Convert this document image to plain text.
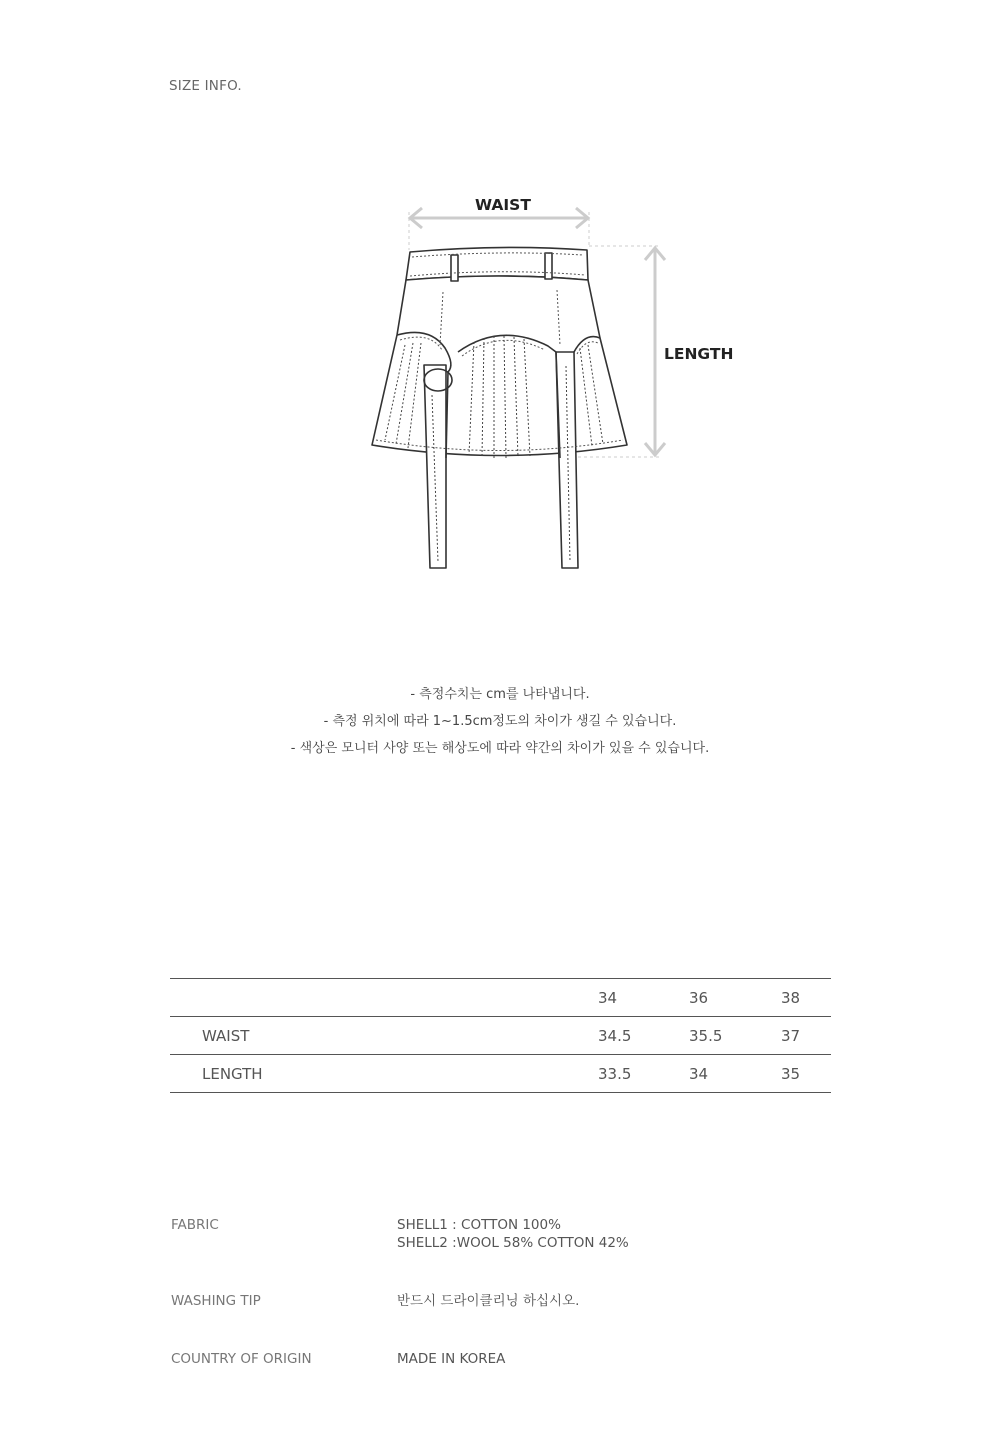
SIZE INFO.
WAIST
LENGTH
- 측정수치는 cm를 나타냅니다.
- 측정 위치에 따라 1~1.5cm정도의 차이가 생길 수 있습니다.
- 색상은 모니터 사양 또는 해상도에 따라 약간의 차이가 있을 수 있습니다.
	34	36	38
WAIST	34.5	35.5	37
LENGTH	33.5	34	35
FABRIC	SHELL1 : COTTON 100%
SHELL2 :WOOL 58% COTTON 42%
WASHING TIP	반드시 드라이클리닝 하십시오.
COUNTRY OF ORIGIN	MADE IN KOREA
